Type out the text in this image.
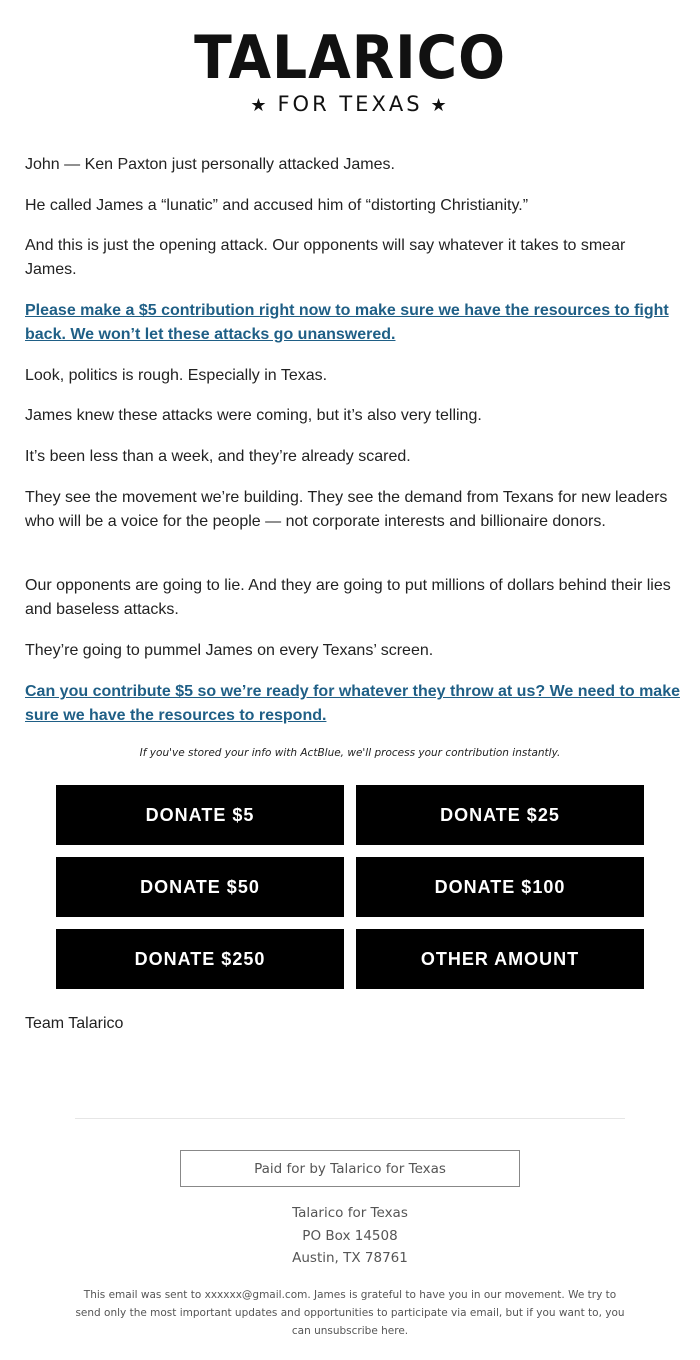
TALARICO
★ FOR TEXAS ★

John — Ken Paxton just personally attacked James.

He called James a “lunatic” and accused him of “distorting Christianity.”

And this is just the opening attack. Our opponents will say whatever it takes to smear James.

Please make a $5 contribution right now to make sure we have the resources to fight back. We won’t let these attacks go unanswered.

Look, politics is rough. Especially in Texas.

James knew these attacks were coming, but it’s also very telling.

It’s been less than a week, and they’re already scared.

They see the movement we’re building. They see the demand from Texans for new leaders who will be a voice for the people — not corporate interests and billionaire donors.

Our opponents are going to lie. And they are going to put millions of dollars behind their lies and baseless attacks.

They’re going to pummel James on every Texans’ screen.

Can you contribute $5 so we’re ready for whatever they throw at us? We need to make sure we have the resources to respond.
If you've stored your info with ActBlue, we'll process your contribution instantly.
DONATE $5	DONATE $25
DONATE $50	DONATE $100
DONATE $250	OTHER AMOUNT

Team Talarico

Paid for by Talarico for Texas
Talarico for Texas
PO Box 14508
Austin, TX 78761
This email was sent to xxxxxx@gmail.com. James is grateful to have you in our movement. We try to send only the most important updates and opportunities to participate via email, but if you want to, you can unsubscribe here.
